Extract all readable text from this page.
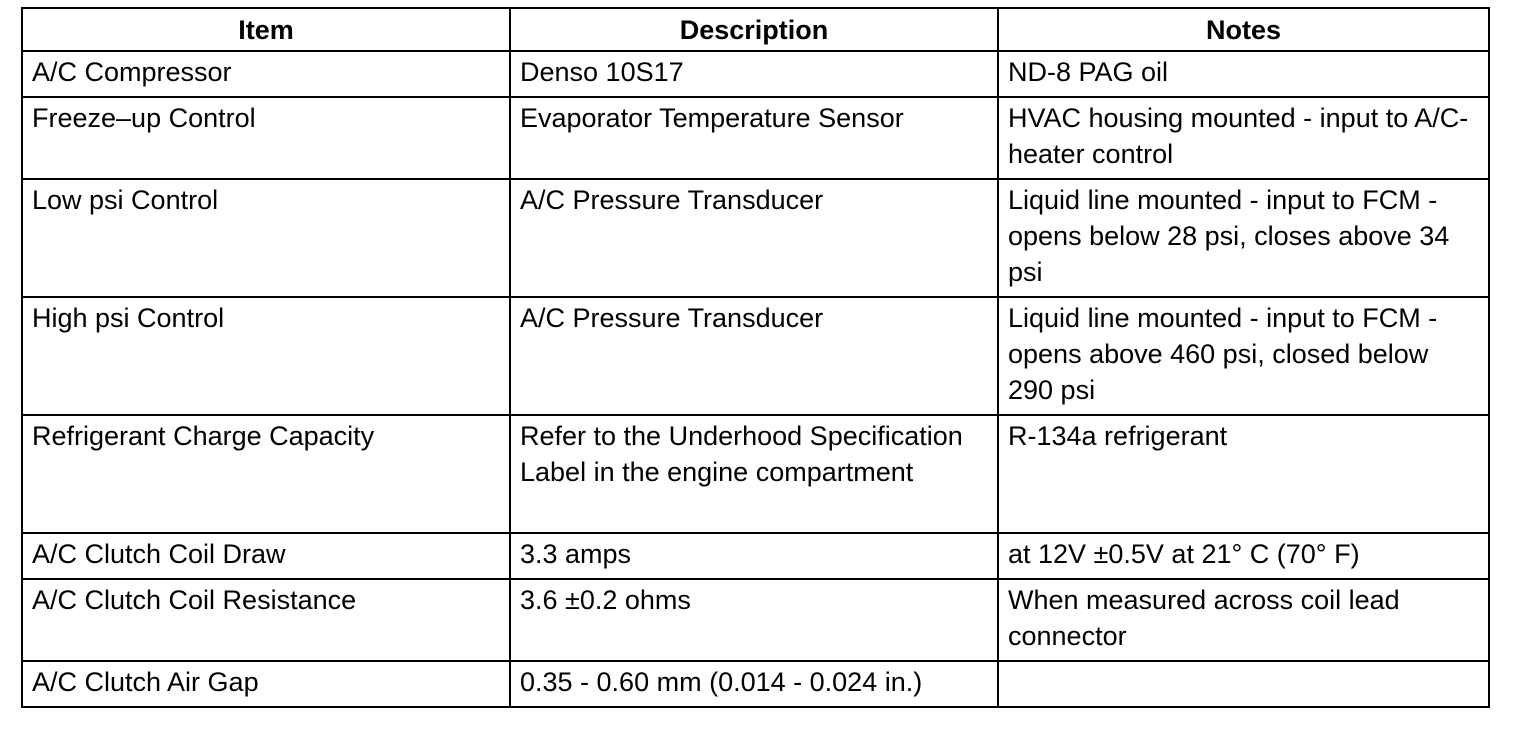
Item	Description	Notes
A/C Compressor	Denso 10S17	ND-8 PAG oil
Freeze–up Control	Evaporator Temperature Sensor	HVAC housing mounted - input to A/C-heater control
Low psi Control	A/C Pressure Transducer	Liquid line mounted - input to FCM - opens below 28 psi, closes above 34 psi
High psi Control	A/C Pressure Transducer	Liquid line mounted - input to FCM - opens above 460 psi, closed below 290 psi
Refrigerant Charge Capacity	Refer to the Underhood Specification Label in the engine compartment	R-134a refrigerant
A/C Clutch Coil Draw	3.3 amps	at 12V ±0.5V at 21° C (70° F)
A/C Clutch Coil Resistance	3.6 ±0.2 ohms	When measured across coil lead connector
A/C Clutch Air Gap	0.35 - 0.60 mm (0.014 - 0.024 in.)	
